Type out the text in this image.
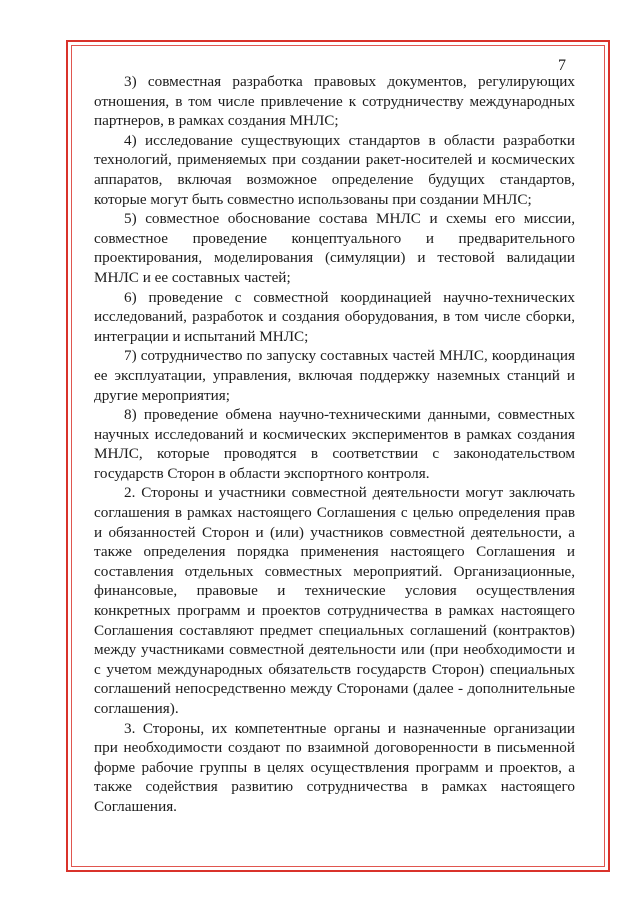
7

3) совместная разработка правовых документов, регулирующих отношения, в том числе привлечение к сотрудничеству международных партнеров, в рамках создания МНЛС;

4) исследование существующих стандартов в области разработки технологий, применяемых при создании ракет-носителей и космических аппаратов, включая возможное определение будущих стандартов, которые могут быть совместно использованы при создании МНЛС;

5) совместное обоснование состава МНЛС и схемы его миссии, совместное проведение концептуального и предварительного проектирования, моделирования (симуляции) и тестовой валидации МНЛС и ее составных частей;

6) проведение с совместной координацией научно-технических исследований, разработок и создания оборудования, в том числе сборки, интеграции и испытаний МНЛС;

7) сотрудничество по запуску составных частей МНЛС, координация ее эксплуатации, управления, включая поддержку наземных станций и другие мероприятия;

8) проведение обмена научно-техническими данными, совместных научных исследований и космических экспериментов в рамках создания МНЛС, которые проводятся в соответствии с законодательством государств Сторон в области экспортного контроля.

2. Стороны и участники совместной деятельности могут заключать соглашения в рамках настоящего Соглашения с целью определения прав и обязанностей Сторон и (или) участников совместной деятельности, а также определения порядка применения настоящего Соглашения и составления отдельных совместных мероприятий. Организационные, финансовые, правовые и технические условия осуществления конкретных программ и проектов сотрудничества в рамках настоящего Соглашения составляют предмет специальных соглашений (контрактов) между участниками совместной деятельности или (при необходимости и с учетом международных обязательств государств Сторон) специальных соглашений непосредственно между Сторонами (далее - дополнительные соглашения).

3. Стороны, их компетентные органы и назначенные организации при необходимости создают по взаимной договоренности в письменной форме рабочие группы в целях осуществления программ и проектов, а также содействия развитию сотрудничества в рамках настоящего Соглашения.
